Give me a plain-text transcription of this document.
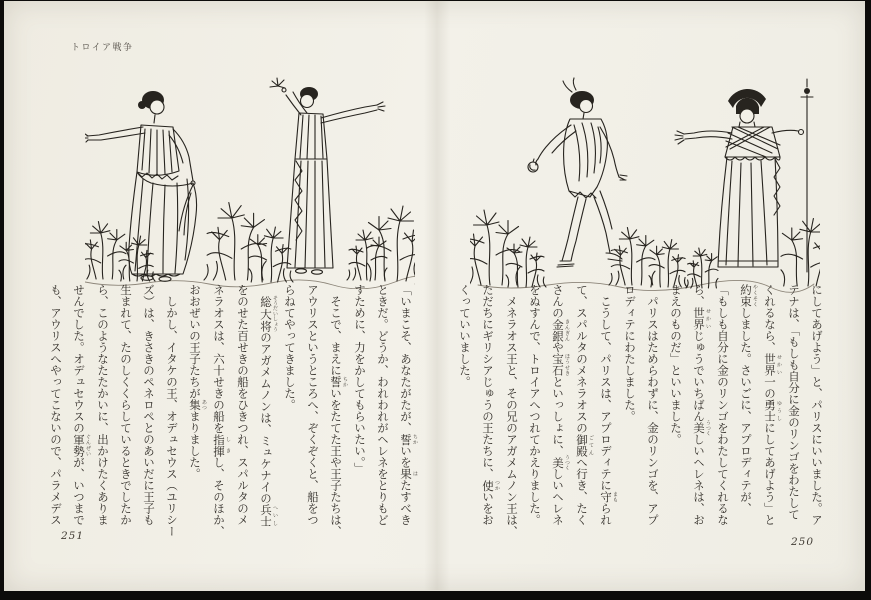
トロイア戦争
「いまこそ、あなたがたが、誓 ちかいを果 はたすべき
ときだ。どうか、われわれがヘレネをとりもど
すために、力をかしてもらいたい。」
　そこで、まえに誓 ちかいをたてた王や王子たちは、
アウリスというところへ、ぞくぞくと、船をつ
らねてやってきました。
　総大将 そうだいしょうのアガメムノンは、ミュケナイの兵士 へいし
をのせた百せきの船をひきつれ、スパルタのメ
ネラオスは、六十せきの船を指揮 しきし、そのほか、
おおぜいの王子たちが集 あつまりました。
　しかし、イタケの王、オデュセウス（ユリシー
ズ）は、きさきのペネロペとのあいだに王子も
生まれて、たのしくくらしているときでしたか
ら、このようなたたかいに、出かけたくありま
せんでした。オデュセウスの軍勢 ぐんぜいが、いつまで
も、アウリスへやってこないので、パラメデス	にしてあげよう」と、パリスにいいました。ア
テナは、「もしも自分に金のリンゴをわたして
くれるなら、世界 せかい一の勇士 ゆうしにしてあげよう」と
約束 やくそくしました。さいごに、アプロディテが、
「もしも自分に金のリンゴをわたしてくれるな
ら、世界 せかいじゅうでいちばん美 うつくしいヘレネは、お
まえのものだ」といいました。
　パリスはためらわずに、金のリンゴを、アプ
ロディテにわたしました。
　こうして、パリスは、アプロディテに守 まもられ
て、スパルタのメネラオスの御殿 ごてんへ行き、たく
さんの金銀 きんぎんや宝石 ほうせきといっしょに、美 うつくしいヘレネ
をぬすんで、トロイアへつれてかえりました。
　メネラオス王と、その兄のアガメムノン王は、
ただちにギリシアじゅうの王たちに、使 つかいをお
くっていいました。
251	250
